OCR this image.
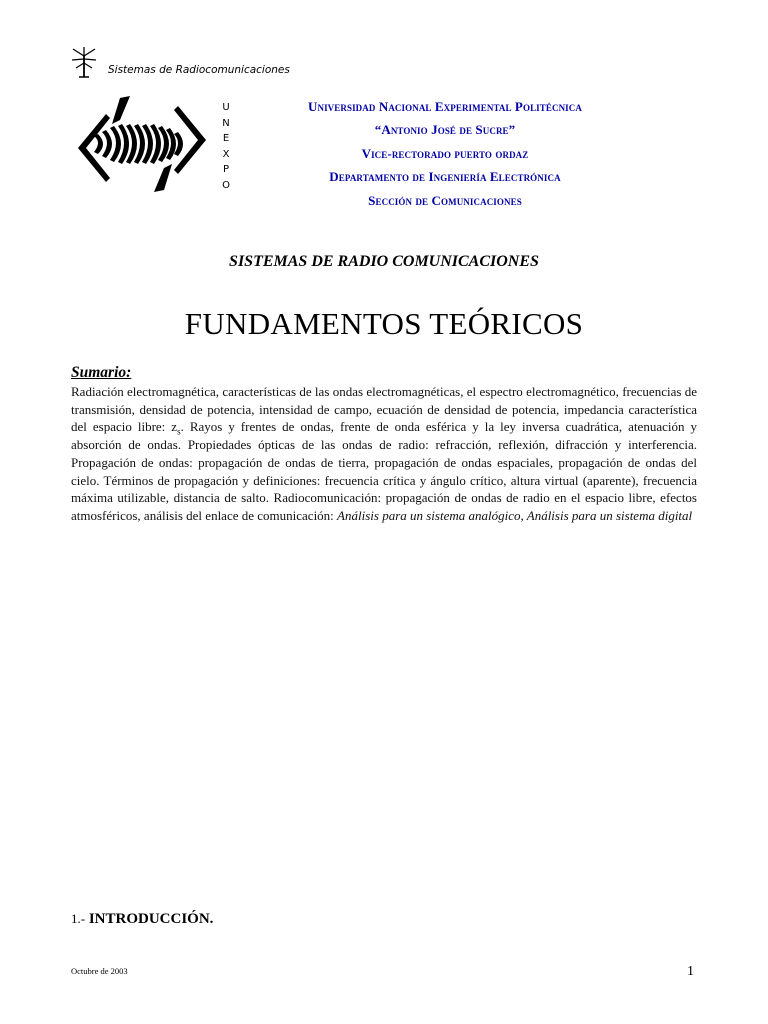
Sistemas de Radiocomunicaciones
U
N
E
X
P
O
Universidad Nacional Experimental Politécnica
“Antonio José de Sucre”
Vice-rectorado puerto ordaz
Departamento de Ingeniería Electrónica
Sección de Comunicaciones
SISTEMAS DE RADIO COMUNICACIONES
FUNDAMENTOS TEÓRICOS
Sumario:
Radiación electromagnética, características de las ondas electromagnéticas, el espectro electromagnético, frecuencias de transmisión, densidad de potencia, intensidad de campo, ecuación de densidad de potencia, impedancia característica del espacio libre: $z_s$. Rayos y frentes de ondas, frente de onda esférica y la ley inversa cuadrática, atenuación y absorción de ondas. Propiedades ópticas de las ondas de radio: refracción, reflexión, difracción y interferencia. Propagación de ondas: propagación de ondas de tierra, propagación de ondas espaciales, propagación de ondas del cielo. Términos de propagación y definiciones: frecuencia crítica y ángulo crítico, altura virtual (aparente), frecuencia máxima utilizable, distancia de salto. Radiocomunicación: propagación de ondas de radio en el espacio libre, efectos atmosféricos, análisis del enlace de comunicación: Análisis para un sistema analógico, Análisis para un sistema digital
1.- INTRODUCCIÓN.
Octubre de 2003	1
